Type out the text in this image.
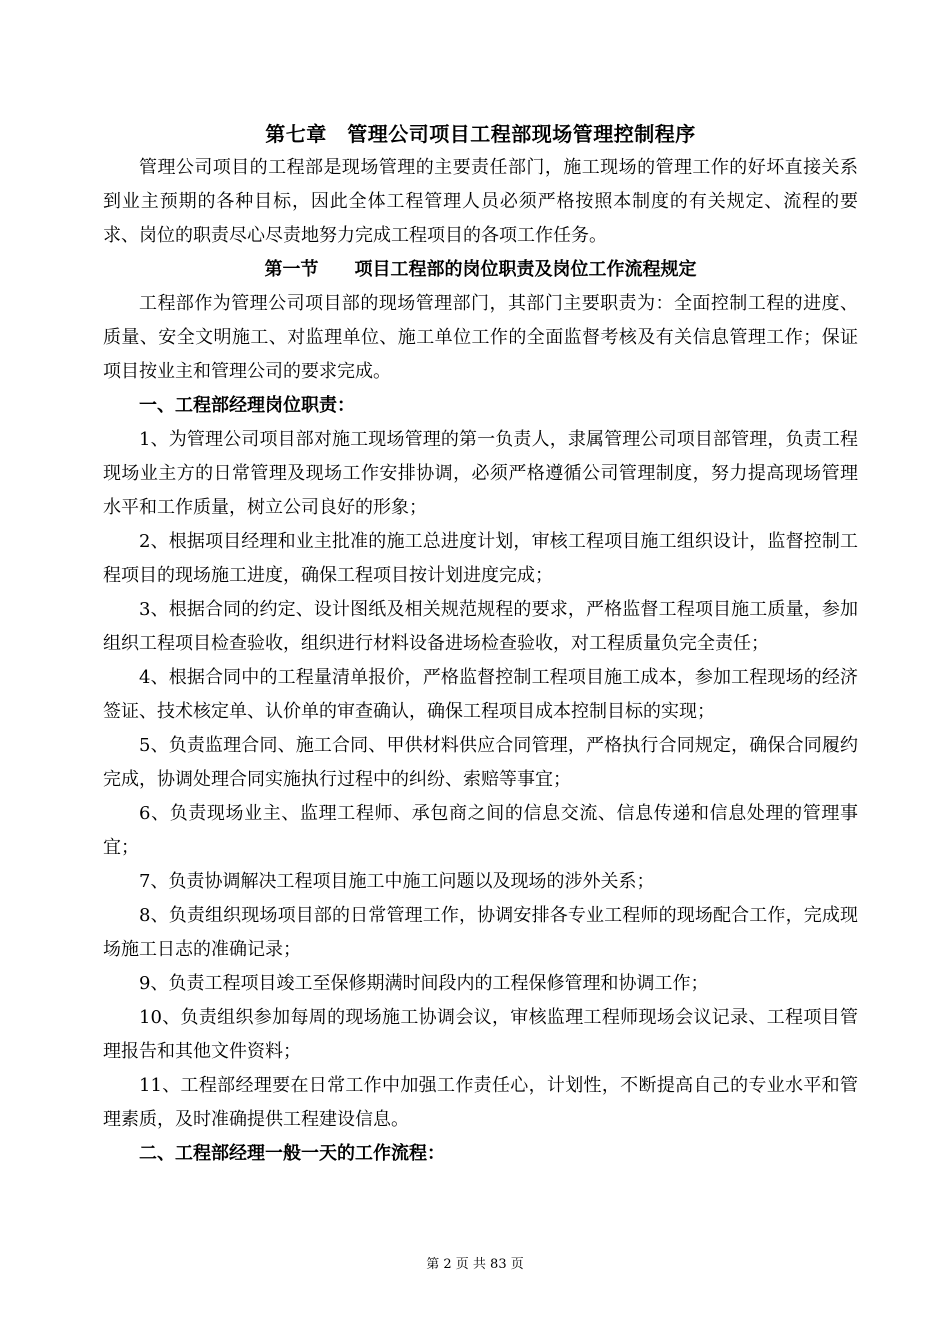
第七章　管理公司项目工程部现场管理控制程序

管理公司项目的工程部是现场管理的主要责任部门，施工现场的管理工作的好坏直接关系到业主预期的各种目标，因此全体工程管理人员必须严格按照本制度的有关规定、流程的要求、岗位的职责尽心尽责地努力完成工程项目的各项工作任务。

第一节　　项目工程部的岗位职责及岗位工作流程规定

工程部作为管理公司项目部的现场管理部门，其部门主要职责为：全面控制工程的进度、质量、安全文明施工、对监理单位、施工单位工作的全面监督考核及有关信息管理工作；保证项目按业主和管理公司的要求完成。

一、工程部经理岗位职责：

1、为管理公司项目部对施工现场管理的第一负责人，隶属管理公司项目部管理，负责工程现场业主方的日常管理及现场工作安排协调，必须严格遵循公司管理制度，努力提高现场管理水平和工作质量，树立公司良好的形象；

2、根据项目经理和业主批准的施工总进度计划，审核工程项目施工组织设计，监督控制工程项目的现场施工进度，确保工程项目按计划进度完成；

3、根据合同的约定、设计图纸及相关规范规程的要求，严格监督工程项目施工质量，参加组织工程项目检查验收，组织进行材料设备进场检查验收，对工程质量负完全责任；

4、根据合同中的工程量清单报价，严格监督控制工程项目施工成本，参加工程现场的经济签证、技术核定单、认价单的审查确认，确保工程项目成本控制目标的实现；

5、负责监理合同、施工合同、甲供材料供应合同管理，严格执行合同规定，确保合同履约完成，协调处理合同实施执行过程中的纠纷、索赔等事宜；

6、负责现场业主、监理工程师、承包商之间的信息交流、信息传递和信息处理的管理事宜；

7、负责协调解决工程项目施工中施工问题以及现场的涉外关系；

8、负责组织现场项目部的日常管理工作，协调安排各专业工程师的现场配合工作，完成现场施工日志的准确记录；

9、负责工程项目竣工至保修期满时间段内的工程保修管理和协调工作；

10、负责组织参加每周的现场施工协调会议，审核监理工程师现场会议记录、工程项目管理报告和其他文件资料；

11、工程部经理要在日常工作中加强工作责任心，计划性，不断提高自己的专业水平和管理素质，及时准确提供工程建设信息。

二、工程部经理一般一天的工作流程：

第 2 页 共 83 页
